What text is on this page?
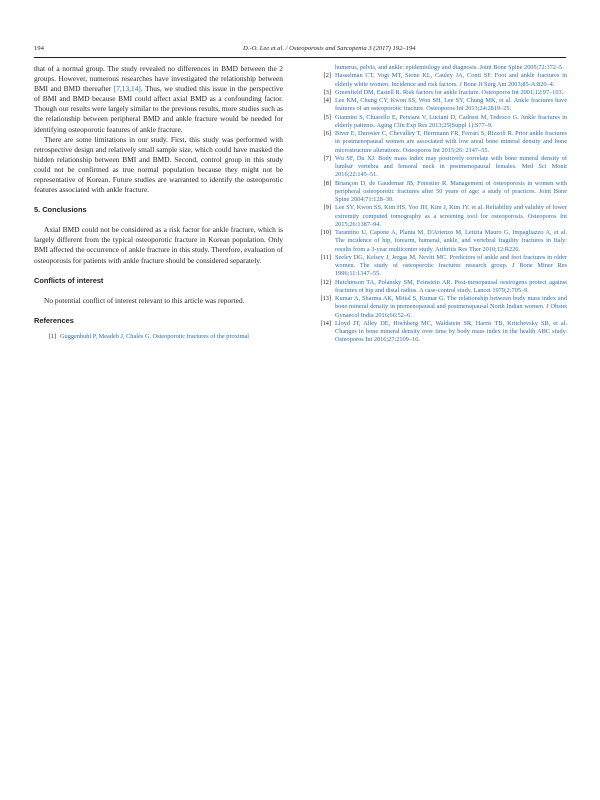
194	D.-O. Lee et al. / Osteoporosis and Sarcopenia 3 (2017) 192–194

that of a normal group. The study revealed no differences in BMD between the 2 groups. However, numerous researches have investigated the relationship between BMI and BMD thereafter [7,13,14]. Thus, we studied this issue in the perspective of BMI and BMD because BMI could affect axial BMD as a confounding factor. Though our results were largely similar to the previous results, more studies such as the relationship between peripheral BMD and ankle fracture would be needed for identifying osteoporotic features of ankle fracture.

There are some limitations in our study. First, this study was performed with retrospective design and relatively small sample size, which could have masked the hidden relationship between BMI and BMD. Second, control group in this study could not be confirmed as true normal population because they might not be representative of Korean. Future studies are warranted to identify the osteoporotic features associated with ankle fracture.

5. Conclusions

Axial BMD could not be considered as a risk factor for ankle fracture, which is largely different from the typical osteoporotic fracture in Korean population. Only BMI affected the occurrence of ankle fracture in this study. Therefore, evaluation of osteoporosis for patients with ankle fracture should be considered separately.

Conflicts of interest

No potential conflict of interest relevant to this article was reported.

References
[1] Guggenbuhl P, Meadeb J, Chalès G. Osteoporotic fractures of the proximal
humerus, pelvis, and ankle: epidemiology and diagnosis. Joint Bone Spine 2005;72:372–5.
[2] Hasselman CT, Vogt MT, Stone KL, Cauley JA, Conti SF. Foot and ankle fractures in elderly white women. Incidence and risk factors. J Bone Jt Surg Am 2003;85-A:820–4.
[3] Greenfield DM, Eastell R. Risk factors for ankle fracture. Osteoporos Int 2001;12:97–103.
[4] Lee KM, Chung CY, Kwon SS, Won SH, Lee SY, Chung MK, et al. Ankle fractures have features of an osteoporotic fracture. Osteoporos Int 2013;24:2819–25.
[5] Giannini S, Chiarello E, Persiani V, Luciani D, Cadossi M, Tedesco G. Ankle fractures in elderly patients. Aging Clin Exp Res 2013;25(Suppl 1):S77–9.
[6] Biver E, Durosier C, Chevalley T, Herrmann FR, Ferrari S, Rizzoli R. Prior ankle fractures in postmenopausal women are associated with low areal bone mineral density and bone microstructure alterations. Osteoporos Int 2015;26: 2147–55.
[7] Wu SF, Du XJ. Body mass index may positively correlate with bone mineral density of lumbar vertebra and femoral neck in postmenopausal females. Med Sci Monit 2016;22:145–51.
[8] Briançon D, de Gaudemar JB, Forestier R. Management of osteoporosis in women with peripheral osteoporotic fractures after 50 years of age: a study of practices. Joint Bone Spine 2004;71:128–30.
[9] Lee SY, Kwon SS, Kim HS, Yoo JH, Kim J, Kim JY, et al. Reliability and validity of lower extremity computed tomography as a screening tool for osteoporosis. Osteoporos Int 2015;26:1387–94.
[10] Tarantino U, Capone A, Planta M, D'Arienzo M, Letizia Mauro G, Impagliazzo A, et al. The incidence of hip, forearm, humeral, ankle, and vertebral fragility fractures in Italy: results from a 3-year multicenter study. Arthritis Res Ther 2010;12:R226.
[11] Seeley DG, Kelsey J, Jergas M, Nevitt MC. Predictors of ankle and foot fractures in older women. The study of osteoporotic fractures research group. J Bone Miner Res 1996;11:1347–55.
[12] Hutchinson TA, Polansky SM, Feinstein AR. Post-menopausal oestrogens protect against fractures of hip and distal radius. A case-control study. Lancet 1979;2:705–9.
[13] Kumar A, Sharma AK, Mittal S, Kumar G. The relationship between body mass index and bone mineral density in premenopausal and postmenopausal North Indian women. J Obstet Gynaecol India 2016;66:52–6.
[14] Lloyd JT, Alley DE, Hochberg MC, Waldstein SR, Harris TB, Kritchevsky SB, et al. Changes in bone mineral density over time by body mass index in the health ABC study. Osteoporos Int 2016;27:2109–16.
